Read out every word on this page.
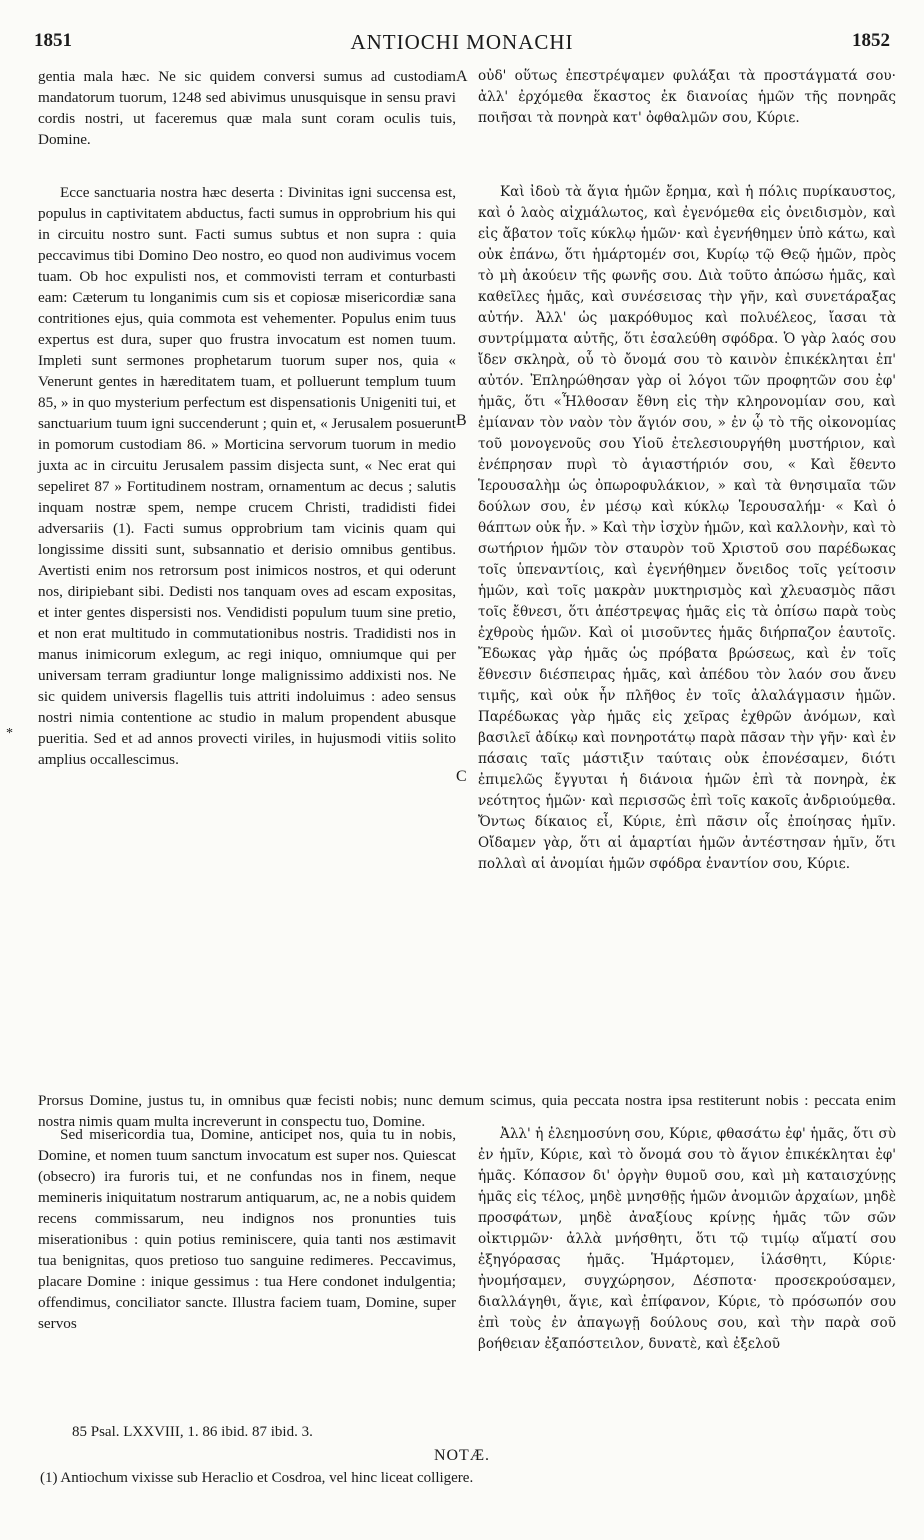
1851	ANTIOCHI MONACHI	1852
*

gentia mala hæc. Ne sic quidem conversi sumus ad custodiam mandatorum tuorum, 1248 sed abivimus unusquisque in sensu pravi cordis nostri, ut faceremus quæ mala sunt coram oculis tuis, Domine.

Ecce sanctuaria nostra hæc deserta : Divinitas igni succensa est, populus in captivitatem abductus, facti sumus in opprobrium his qui in circuitu nostro sunt. Facti sumus subtus et non supra : quia peccavimus tibi Domino Deo nostro, eo quod non audivimus vocem tuam. Ob hoc expulisti nos, et commovisti terram et conturbasti eam: Cæterum tu longanimis cum sis et copiosæ misericordiæ sana contritiones ejus, quia commota est vehementer. Populus enim tuus expertus est dura, super quo frustra invocatum est nomen tuum. Impleti sunt sermones prophetarum tuorum super nos, quia « Venerunt gentes in hæreditatem tuam, et polluerunt templum tuum 85, » in quo mysterium perfectum est dispensationis Unigeniti tui, et sanctuarium tuum igni succenderunt ; quin et, « Jerusalem posuerunt in pomorum custodiam 86. » Morticina servorum tuorum in medio juxta ac in circuitu Jerusalem passim disjecta sunt, « Nec erat qui sepeliret 87 » Fortitudinem nostram, ornamentum ac decus ; salutis inquam nostræ spem, nempe crucem Christi, tradidisti fidei adversariis (1). Facti sumus opprobrium tam vicinis quam qui longissime dissiti sunt, subsannatio et derisio omnibus gentibus. Avertisti enim nos retrorsum post inimicos nostros, et qui oderunt nos, diripiebant sibi. Dedisti nos tanquam oves ad escam expositas, et inter gentes dispersisti nos. Vendidisti populum tuum sine pretio, et non erat multitudo in commutationibus nostris. Tradidisti nos in manus inimicorum exlegum, ac regi iniquo, omniumque qui per universam terram gradiuntur longe malignissimo addixisti nos. Ne sic quidem universis flagellis tuis attriti indoluimus : adeo sensus nostri nimia contentione ac studio in malum propendent abusque pueritia. Sed et ad annos provecti viriles, in hujusmodi vitiis solito amplius occallescimus.

A
B
C

οὐδ' οὕτως ἐπεστρέψαμεν φυλάξαι τὰ προστάγματά σου· ἀλλ' ἐρχόμεθα ἕκαστος ἐκ διανοίας ἡμῶν τῆς πονηρᾶς ποιῆσαι τὰ πονηρὰ κατ' ὀφθαλμῶν σου, Κύριε.

Καὶ ἰδοὺ τὰ ἅγια ἡμῶν ἔρημα, καὶ ἡ πόλις πυρίκαυστος, καὶ ὁ λαὸς αἰχμάλωτος, καὶ ἐγενόμεθα εἰς ὀνειδισμὸν, καὶ εἰς ἄβατον τοῖς κύκλῳ ἡμῶν· καὶ ἐγενήθημεν ὑπὸ κάτω, καὶ οὐκ ἐπάνω, ὅτι ἡμάρτομέν σοι, Κυρίῳ τῷ Θεῷ ἡμῶν, πρὸς τὸ μὴ ἀκούειν τῆς φωνῆς σου. Διὰ τοῦτο ἀπώσω ἡμᾶς, καὶ καθεῖλες ἡμᾶς, καὶ συνέσεισας τὴν γῆν, καὶ συνετάραξας αὐτήν. Ἀλλ' ὡς μακρόθυμος καὶ πολυέλεος, ἴασαι τὰ συντρίμματα αὐτῆς, ὅτι ἐσαλεύθη σφόδρα. Ὁ γὰρ λαός σου ἴδεν σκληρὰ, οὗ τὸ ὄνομά σου τὸ καινὸν ἐπικέκληται ἐπ' αὐτόν. Ἐπληρώθησαν γὰρ οἱ λόγοι τῶν προφητῶν σου ἐφ' ἡμᾶς, ὅτι «Ἦλθοσαν ἔθνη εἰς τὴν κληρονομίαν σου, καὶ ἐμίαναν τὸν ναὸν τὸν ἅγιόν σου, » ἐν ᾧ τὸ τῆς οἰκονομίας τοῦ μονογενοῦς σου Υἱοῦ ἐτελεσιουργήθη μυστήριον, καὶ ἐνέπρησαν πυρὶ τὸ ἁγιαστήριόν σου, « Καὶ ἔθεντο Ἱερουσαλὴμ ὡς ὀπωροφυλάκιον, » καὶ τὰ θνησιμαῖα τῶν δούλων σου, ἐν μέσῳ καὶ κύκλῳ Ἱερουσαλήμ· « Καὶ ὁ θάπτων οὐκ ἦν. » Καὶ τὴν ἰσχὺν ἡμῶν, καὶ καλλονὴν, καὶ τὸ σωτήριον ἡμῶν τὸν σταυρὸν τοῦ Χριστοῦ σου παρέδωκας τοῖς ὑπεναντίοις, καὶ ἐγενήθημεν ὄνειδος τοῖς γείτοσιν ἡμῶν, καὶ τοῖς μακρὰν μυκτηρισμὸς καὶ χλευασμὸς πᾶσι τοῖς ἔθνεσι, ὅτι ἀπέστρεψας ἡμᾶς εἰς τὰ ὀπίσω παρὰ τοὺς ἐχθροὺς ἡμῶν. Καὶ οἱ μισοῦντες ἡμᾶς διήρπαζον ἑαυτοῖς. Ἔδωκας γὰρ ἡμᾶς ὡς πρόβατα βρώσεως, καὶ ἐν τοῖς ἔθνεσιν διέσπειρας ἡμᾶς, καὶ ἀπέδου τὸν λαόν σου ἄνευ τιμῆς, καὶ οὐκ ἦν πλῆθος ἐν τοῖς ἀλαλάγμασιν ἡμῶν. Παρέδωκας γὰρ ἡμᾶς εἰς χεῖρας ἐχθρῶν ἀνόμων, καὶ βασιλεῖ ἀδίκῳ καὶ πονηροτάτῳ παρὰ πᾶσαν τὴν γῆν· καὶ ἐν πάσαις ταῖς μάστιξιν ταύταις οὐκ ἐπονέσαμεν, διότι ἐπιμελῶς ἔγγυται ἡ διάνοια ἡμῶν ἐπὶ τὰ πονηρὰ, ἐκ νεότητος ἡμῶν· καὶ περισσῶς ἐπὶ τοῖς κακοῖς ἀνδριούμεθα. Ὄντως δίκαιος εἶ, Κύριε, ἐπὶ πᾶσιν οἷς ἐποίησας ἡμῖν. Οἴδαμεν γὰρ, ὅτι αἱ ἁμαρτίαι ἡμῶν ἀντέστησαν ἡμῖν, ὅτι πολλαὶ αἱ ἀνομίαι ἡμῶν σφόδρα ἐναντίον σου, Κύριε.

Prorsus Domine, justus tu, in omnibus quæ fecisti nobis; nunc demum scimus, quia peccata nostra ipsa restiterunt nobis : peccata enim nostra nimis quam multa increverunt in conspectu tuo, Domine.

Sed misericordia tua, Domine, anticipet nos, quia tu in nobis, Domine, et nomen tuum sanctum invocatum est super nos. Quiescat (obsecro) ira furoris tui, et ne confundas nos in finem, neque memineris iniquitatum nostrarum antiquarum, ac, ne a nobis quidem recens commissarum, neu indignos nos pronunties tuis miserationibus : quin potius reminiscere, quia tanti nos æstimavit tua benignitas, quos pretioso tuo sanguine redimeres. Peccavimus, placare Domine : inique gessimus : tua Here condonet indulgentia; offendimus, conciliator sancte. Illustra faciem tuam, Domine, super servos

Ἀλλ' ἡ ἐλεημοσύνη σου, Κύριε, φθασάτω ἐφ' ἡμᾶς, ὅτι σὺ ἐν ἡμῖν, Κύριε, καὶ τὸ ὄνομά σου τὸ ἅγιον ἐπικέκληται ἐφ' ἡμᾶς. Κόπασον δι' ὀργὴν θυμοῦ σου, καὶ μὴ καταισχύνῃς ἡμᾶς εἰς τέλος, μηδὲ μνησθῇς ἡμῶν ἀνομιῶν ἀρχαίων, μηδὲ προσφάτων, μηδὲ ἀναξίους κρίνῃς ἡμᾶς τῶν σῶν οἰκτιρμῶν· ἀλλὰ μνήσθητι, ὅτι τῷ τιμίῳ αἵματί σου ἐξηγόρασας ἡμᾶς. Ἡμάρτομεν, ἱλάσθητι, Κύριε· ἠνομήσαμεν, συγχώρησον, Δέσποτα· προσεκρούσαμεν, διαλλάγηθι, ἅγιε, καὶ ἐπίφανον, Κύριε, τὸ πρόσωπόν σου ἐπὶ τοὺς ἐν ἀπαγωγῇ δούλους σου, καὶ τὴν παρὰ σοῦ βοήθειαν ἐξαπόστειλον, δυνατὲ, καὶ ἐξελοῦ

85 Psal. LXXVIII, 1. 86 ibid. 87 ibid. 3.
NOTÆ.
(1) Antiochum vixisse sub Heraclio et Cosdroa, vel hinc liceat colligere.
